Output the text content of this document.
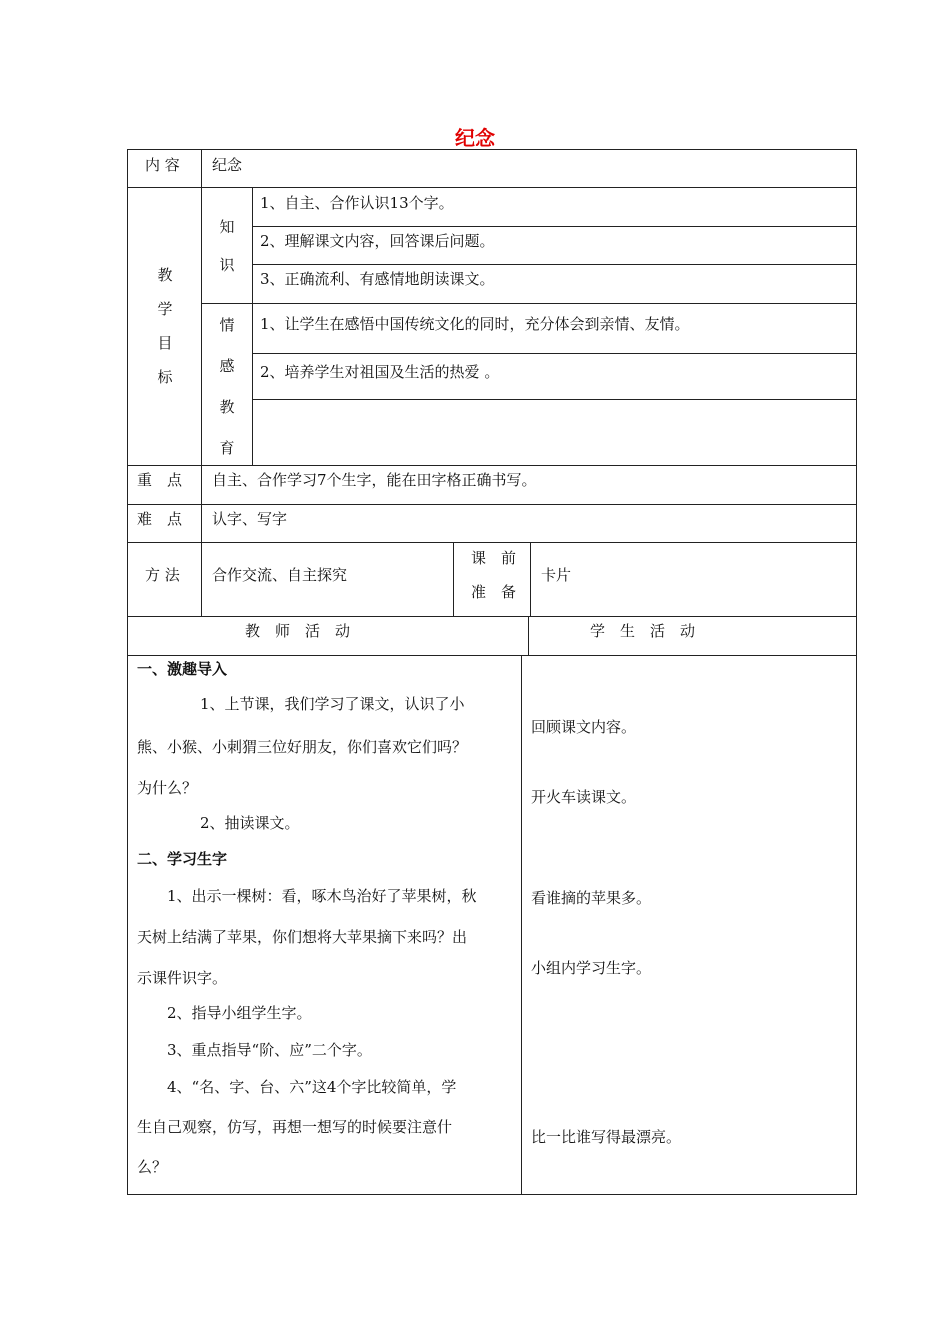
纪念
内 容 纪念
教
学
目
标
知
识
1、自主、合作认识13个字。
2、理解课文内容，回答课后问题。
3、正确流利、有感情地朗读课文。
情
感
教
育
1、让学生在感悟中国传统文化的同时，充分体会到亲情、友情。
2、培养学生对祖国及生活的热爱 。
重　点 自主、合作学习7个生字，能在田字格正确书写。
难　点 认字、写字
方 法 合作交流、自主探究
课　前
准　备
卡片
教　师　活　动	学　生　活　动
一、激趣导入
1、上节课，我们学习了课文，认识了小
熊、小猴、小刺猬三位好朋友，你们喜欢它们吗？
为什么？
2、抽读课文。
二、学习生字
1、出示一棵树：看，啄木鸟治好了苹果树，秋
天树上结满了苹果，你们想将大苹果摘下来吗？出
示课件识字。
2、指导小组学生字。
3、重点指导“阶、应”二个字。
4、“名、字、台、六”这4个字比较简单，学
生自己观察，仿写，再想一想写的时候要注意什
么？
回顾课文内容。
开火车读课文。
看谁摘的苹果多。
小组内学习生字。
比一比谁写得最漂亮。
